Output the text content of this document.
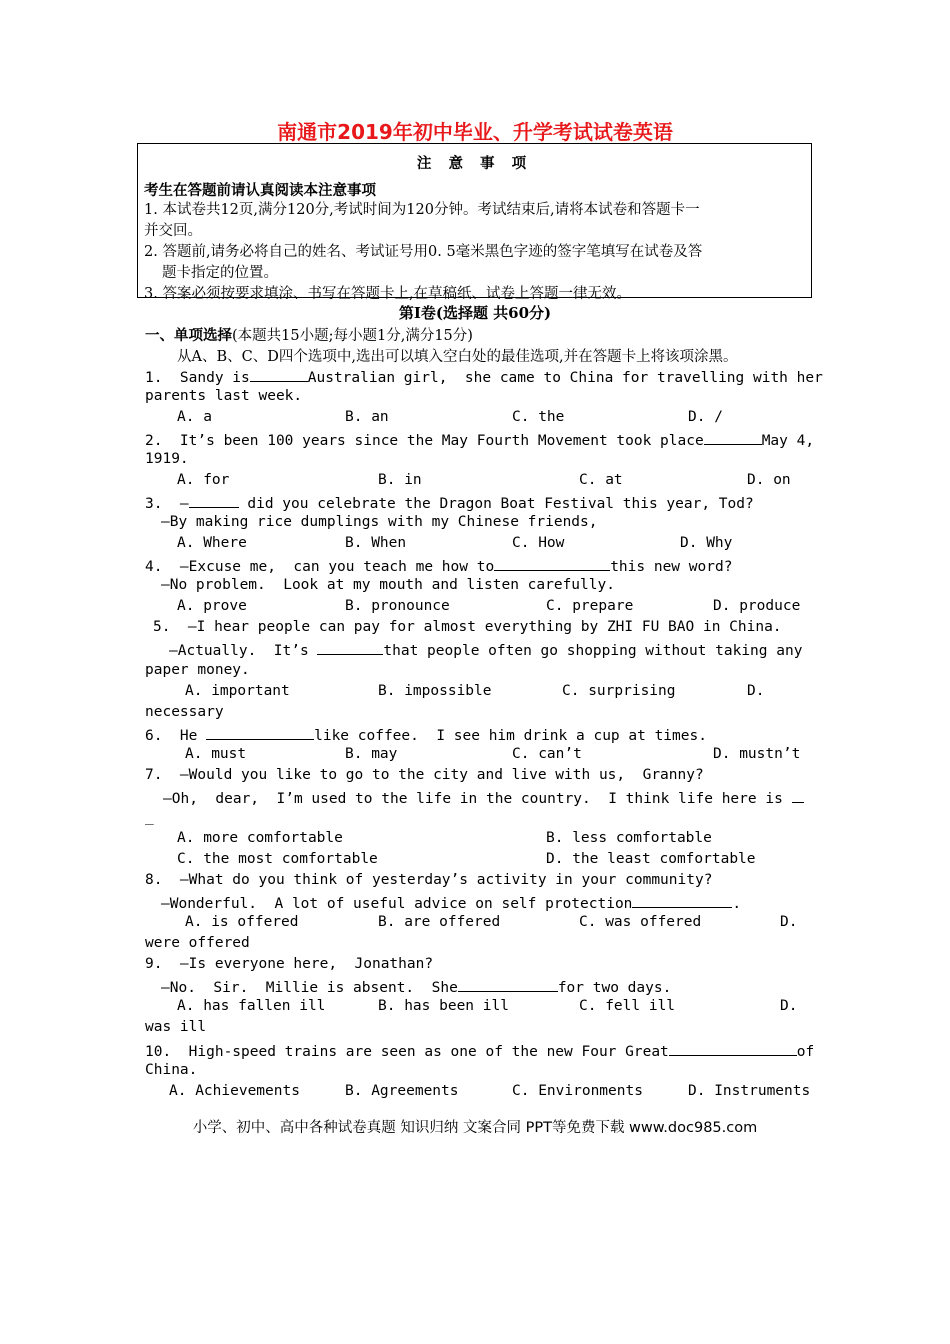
南通市2019年初中毕业、升学考试试卷英语
注 意 事 项
考生在答题前请认真阅读本注意事项
1. 本试卷共12页,满分120分,考试时间为120分钟。考试结束后,请将本试卷和答题卡一
并交回。
2. 答题前,请务必将自己的姓名、考试证号用0. 5毫米黑色字迹的签字笔填写在试卷及答
题卡指定的位置。
3. 答案必须按要求填涂、书写在答题卡上,在草稿纸、试卷上答题一律无效。
第Ⅰ卷(选择题 共60分)
一、单项选择(本题共15小题;每小题1分,满分15分)
从A、B、C、D四个选项中,选出可以填入空白处的最佳选项,并在答题卡上将该项涂黑。
1.  Sandy is	Australian girl,  she came to China for travelling with her
parents last week.
A. a	B. an	C. the	D. /
2.  It’s been 100 years since the May Fourth Movement took place	May 4,
1919.
A. for	B. in	C. at	D. on
3.  —	did you celebrate the Dragon Boat Festival this year, Tod?
—By making rice dumplings with my Chinese friends,
A. Where	B. When	C. How	D. Why
4.  —Excuse me,  can you teach me how to	this new word?
—No problem.  Look at my mouth and listen carefully.
A. prove	B. pronounce	C. prepare	D. produce
5.  —I hear people can pay for almost everything by ZHI FU BAO in China.
—Actually.  It’s	that people often go shopping without taking any
paper money.
A. important	B. impossible	C. surprising	D.
necessary
6.  He	like coffee.  I see him drink a cup at times.
A. must	B. may	C. can’t	D. mustn’t
7.  —Would you like to go to the city and live with us,  Granny?
—Oh,  dear,  I’m used to the life in the country.  I think life here is
_
A. more comfortable	B. less comfortable
C. the most comfortable	D. the least comfortable
8.  —What do you think of yesterday’s activity in your community?
—Wonderful.  A lot of useful advice on self protection	.
A. is offered	B. are offered	C. was offered	D.
were offered
9.  —Is everyone here,  Jonathan?
—No.  Sir.  Millie is absent.  She	for two days.
A. has fallen ill	B. has been ill	C. fell ill	D.
was ill
10.  High-speed trains are seen as one of the new Four Great	of
China.
A. Achievements	B. Agreements	C. Environments	D. Instruments
小学、初中、高中各种试卷真题 知识归纳 文案合同 PPT等免费下载 www.doc985.com
